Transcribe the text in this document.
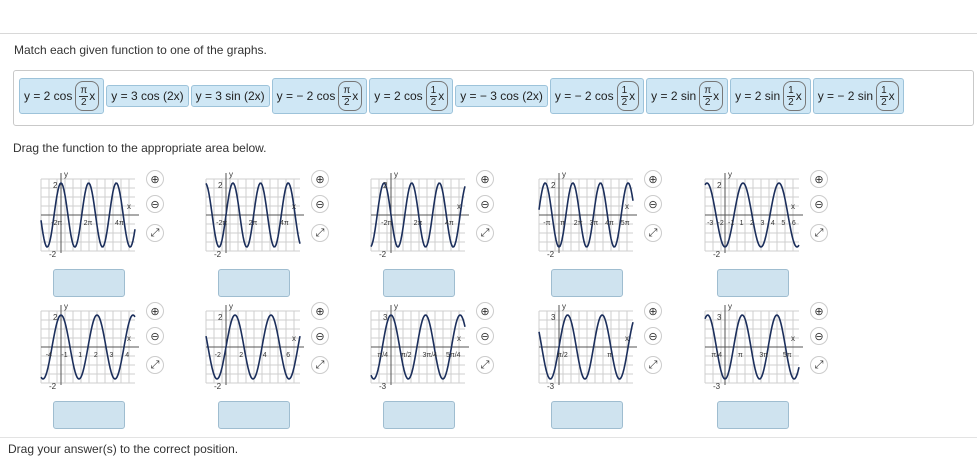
Match each given function to one of the graphs.
y = 2 $\cos \frac{\pi}{2}$ x y = 3 cos (2x) y = 3 sin (2x) y = − 2 $\cos \frac{\pi}{2}$ x y = 2 $\cos \frac{1}{2}$ x y = − 3 cos (2x) y = − 2 $\cos \frac{1}{2}$ x y = 2 $\sin \frac{\pi}{2}$ x y = 2 $\sin \frac{1}{2}$ x y = − 2 $\sin \frac{1}{2}$ x
Drag the function to the appropriate area below.
x
y
2
-2
-2π	2π	4π
⊕
⊖
⤢
x
y
2
-2
-2π	2π	4π
⊕
⊖
⤢
x
y
2
-2
-2π	2π	4π
⊕
⊖
⤢
x
y
2
-2
-π π 2π 3π 4π 5π
⊕
⊖
⤢
x
y
2
-2
-3 -2 -1 1 2 3 4 5 6
⊕
⊖
⤢
x
y
2
-2
-4 -1 1 2 3 4
⊕
⊖
⤢
x
y
2
-2
-2	2	4	6
⊕
⊖
⤢
x
y
3
-3
π/4 π/2 3π/4 5π/4
⊕
⊖
⤢
x
y
3
-3
π/2	π
⊕
⊖
⤢
x
y
3
-3
π/4 π 3π 5π
⊕
⊖
⤢
Drag your answer(s) to the correct position.
